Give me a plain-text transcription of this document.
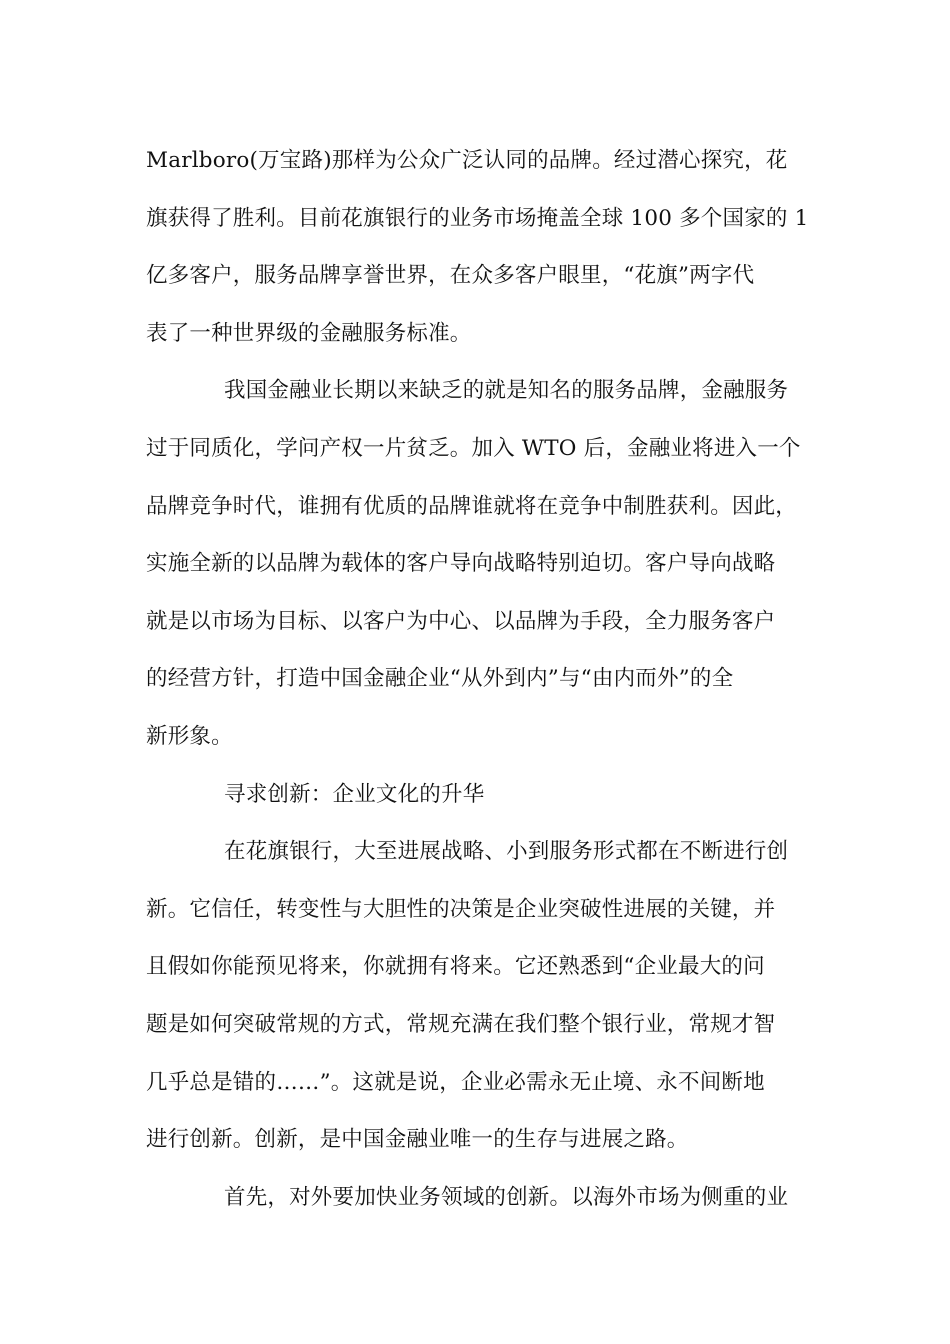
Marlboro(万宝路)那样为公众广泛认同的品牌。经过潜心探究，花
旗获得了胜利。目前花旗银行的业务市场掩盖全球 100 多个国家的 1
亿多客户，服务品牌享誉世界，在众多客户眼里，“花旗”两字代
表了一种世界级的金融服务标准。
我国金融业长期以来缺乏的就是知名的服务品牌，金融服务
过于同质化，学问产权一片贫乏。加入 WTO 后，金融业将进入一个
品牌竞争时代，谁拥有优质的品牌谁就将在竞争中制胜获利。因此，
实施全新的以品牌为载体的客户导向战略特别迫切。客户导向战略
就是以市场为目标、以客户为中心、以品牌为手段，全力服务客户
的经营方针，打造中国金融企业“从外到内”与“由内而外”的全
新形象。
寻求创新：企业文化的升华
在花旗银行，大至进展战略、小到服务形式都在不断进行创
新。它信任，转变性与大胆性的决策是企业突破性进展的关键，并
且假如你能预见将来，你就拥有将来。它还熟悉到“企业最大的问
题是如何突破常规的方式，常规充满在我们整个银行业，常规才智
几乎总是错的……”。这就是说，企业必需永无止境、永不间断地
进行创新。创新，是中国金融业唯一的生存与进展之路。
首先，对外要加快业务领域的创新。以海外市场为侧重的业
